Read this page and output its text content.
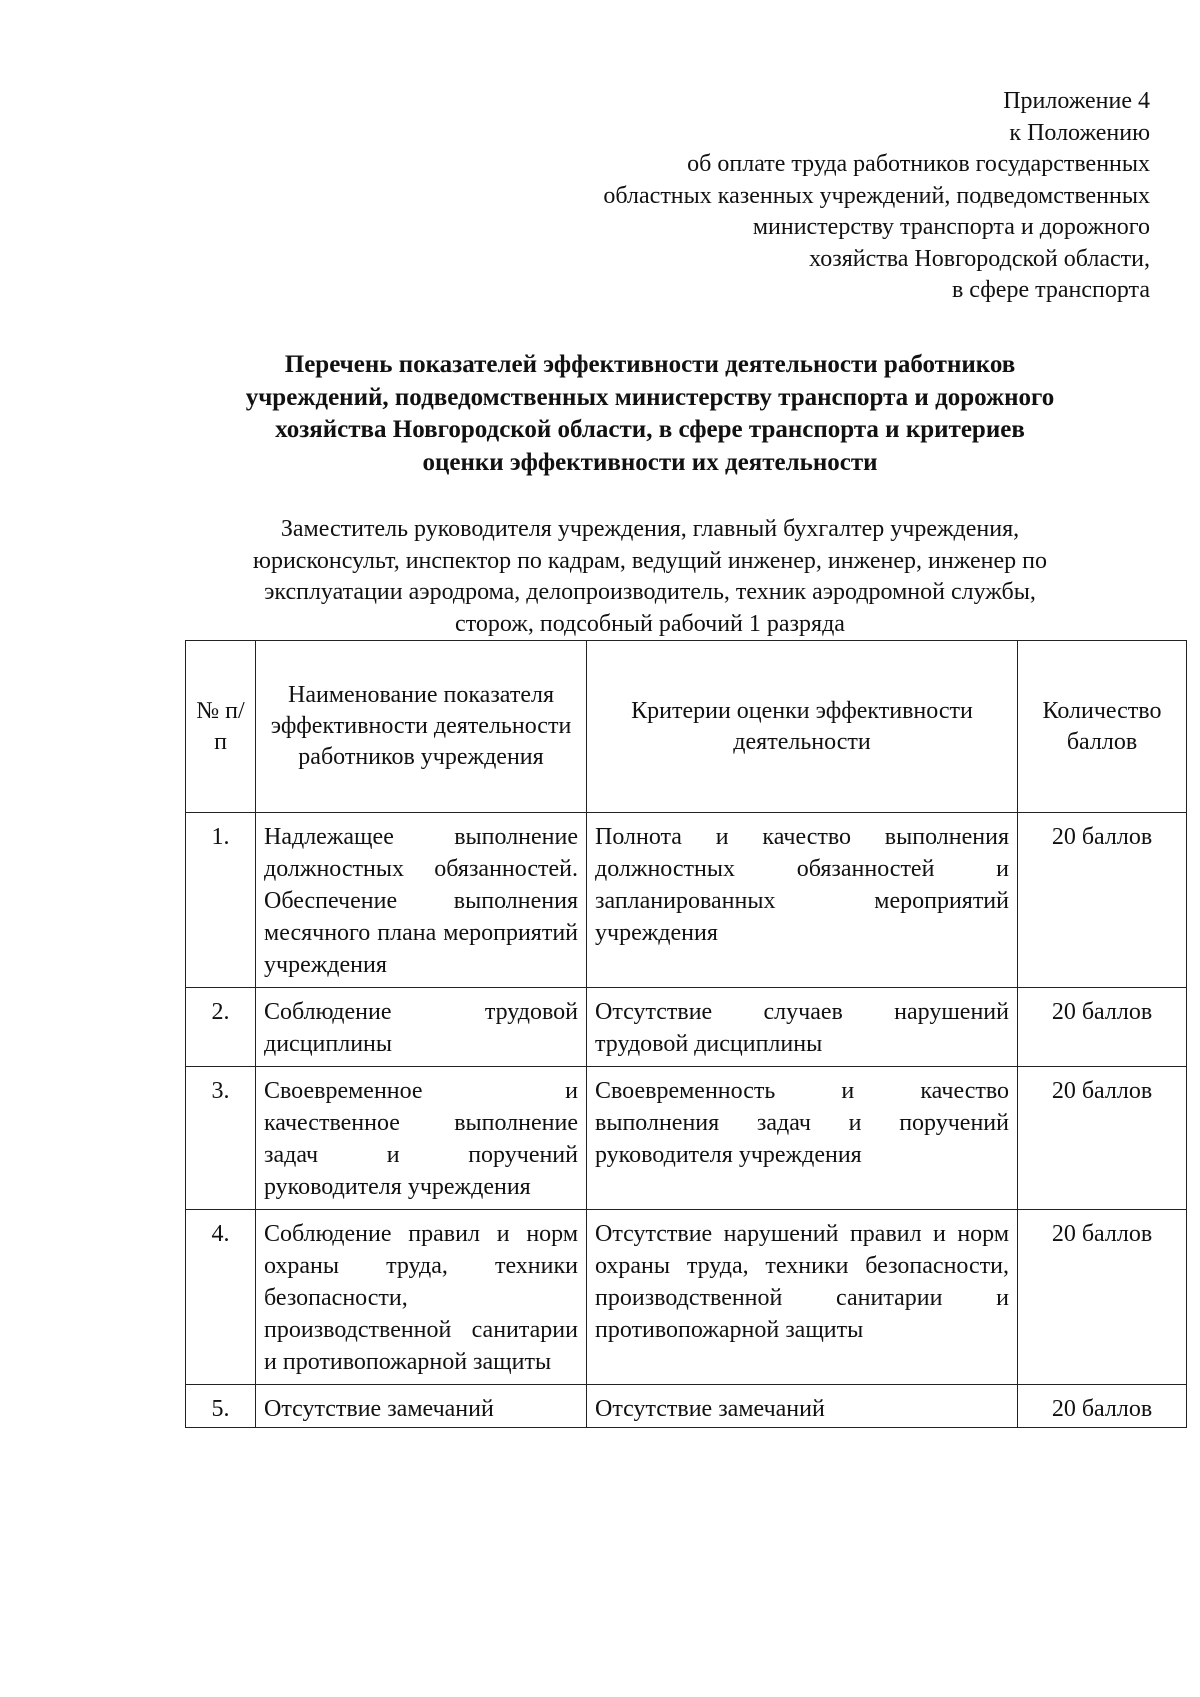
Приложение 4
к Положению
об оплате труда работников государственных
областных казенных учреждений, подведомственных
министерству транспорта и дорожного
хозяйства Новгородской области,
в сфере транспорта
Перечень показателей эффективности деятельности работников
учреждений, подведомственных министерству транспорта и дорожного
хозяйства Новгородской области, в сфере транспорта и критериев
оценки эффективности их деятельности
Заместитель руководителя учреждения, главный бухгалтер учреждения,
юрисконсульт, инспектор по кадрам, ведущий инженер, инженер, инженер по
эксплуатации аэродрома, делопроизводитель, техник аэродромной службы,
сторож, подсобный рабочий 1 разряда
№ п/п	Наименование показателя эффективности деятельности работников учреждения	Критерии оценки эффективности деятельности	Количество баллов
1.	Надлежащее выполнение должностных обязанностей. Обеспечение выполнения месячного плана мероприятий учреждения	Полнота и качество выполнения должностных обязанностей и запланированных мероприятий учреждения	20 баллов
2.	Соблюдение трудовой дисциплины	Отсутствие случаев нарушений трудовой дисциплины	20 баллов
3.	Своевременное и качественное выполнение задач и поручений руководителя учреждения	Своевременность и качество выполнения задач и поручений руководителя учреждения	20 баллов
4.	Соблюдение правил и норм охраны труда, техники безопасности, производственной санитарии и противопожарной защиты	Отсутствие нарушений правил и норм охраны труда, техники безопасности, производственной санитарии и противопожарной защиты	20 баллов
5.	Отсутствие замечаний	Отсутствие замечаний	20 баллов
